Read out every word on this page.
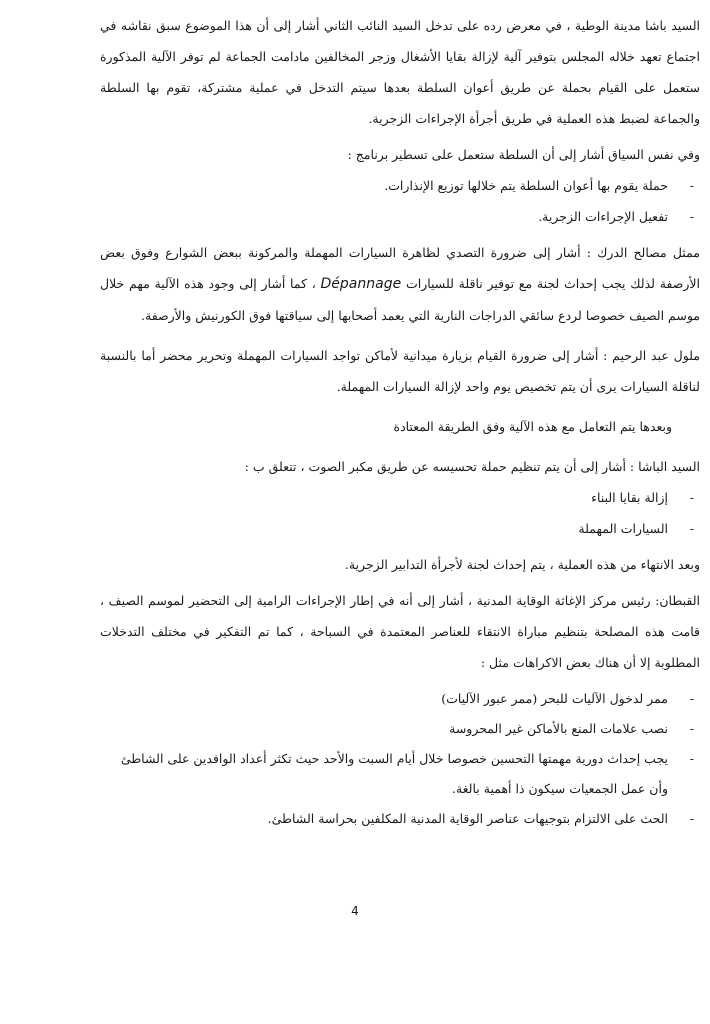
السيد باشا مدينة الوطية ، في معرض رده على تدخل السيد النائب الثاني أشار إلى أن هذا الموضوع سبق نقاشه في اجتماع تعهد خلاله المجلس بتوفير آلية لإزالة بقايا الأشغال وزجر المخالفين مادامت الجماعة لم توفر الآلية المذكورة ستعمل على القيام بحملة عن طريق أعوان السلطة بعدها سيتم التدخل في عملية مشتركة، تقوم بها السلطة والجماعة لضبط هذه العملية في طريق أجرأة الإجراءات الزجرية.

وفي نفس السياق أشار إلى أن السلطة ستعمل على تسطير برنامج :

- حملة يقوم بها أعوان السلطة يتم خلالها توزيع الإنذارات.
- تفعيل الإجراءات الزجرية.

ممثل مصالح الدرك : أشار إلى ضرورة التصدي لظاهرة السيارات المهملة والمركونة ببعض الشوارع وفوق بعض الأرصفة لذلك يجب إحداث لجنة مع توفير ناقلة للسيارات Dépannage ، كما أشار إلى وجود هذه الآلية مهم خلال موسم الصيف خصوصا لردع سائقي الدراجات النارية التي يعمد أصحابها إلى سياقتها فوق الكورنيش والأرصفة.

ملول عبد الرحيم : أشار إلى ضرورة القيام بزيارة ميدانية لأماكن تواجد السيارات المهملة وتحرير محضر أما بالنسبة لناقلة السيارات يرى أن يتم تخصيص يوم واحد لإزالة السيارات المهملة.

وبعدها يتم التعامل مع هذه الآلية وفق الطريقة المعتادة

السيد الباشا : أشار إلى أن يتم تنظيم حملة تحسيسه عن طريق مكبر الصوت ، تتعلق ب :

- إزالة بقايا البناء
- السيارات المهملة

وبعد الانتهاء من هذه العملية ، يتم إحداث لجنة لأجرأة التدابير الزجرية.

القبطان: رئيس مركز الإغاثة الوقاية المدنية ، أشار إلى أنه في إطار الإجراءات الرامية إلى التحضير لموسم الصيف ، قامت هذه المصلحة بتنظيم مباراة الانتقاء للعناصر المعتمدة في السباحة ، كما تم التفكير في مختلف التدخلات المطلوبة إلا أن هناك بعض الاكراهات مثل :

- ممر لدخول الآليات للبحر (ممر عبور الآليات)
- نصب علامات المنع بالأماكن غير المحروسة
- يجب إحداث دورية مهمتها التحسين خصوصا خلال أيام السبت والأحد حيث تكثر أعداد الوافدين على الشاطئ وأن عمل الجمعيات سيكون ذا أهمية بالغة.
- الحث على الالتزام بتوجيهات عناصر الوقاية المدنية المكلفين بحراسة الشاطئ.
4
